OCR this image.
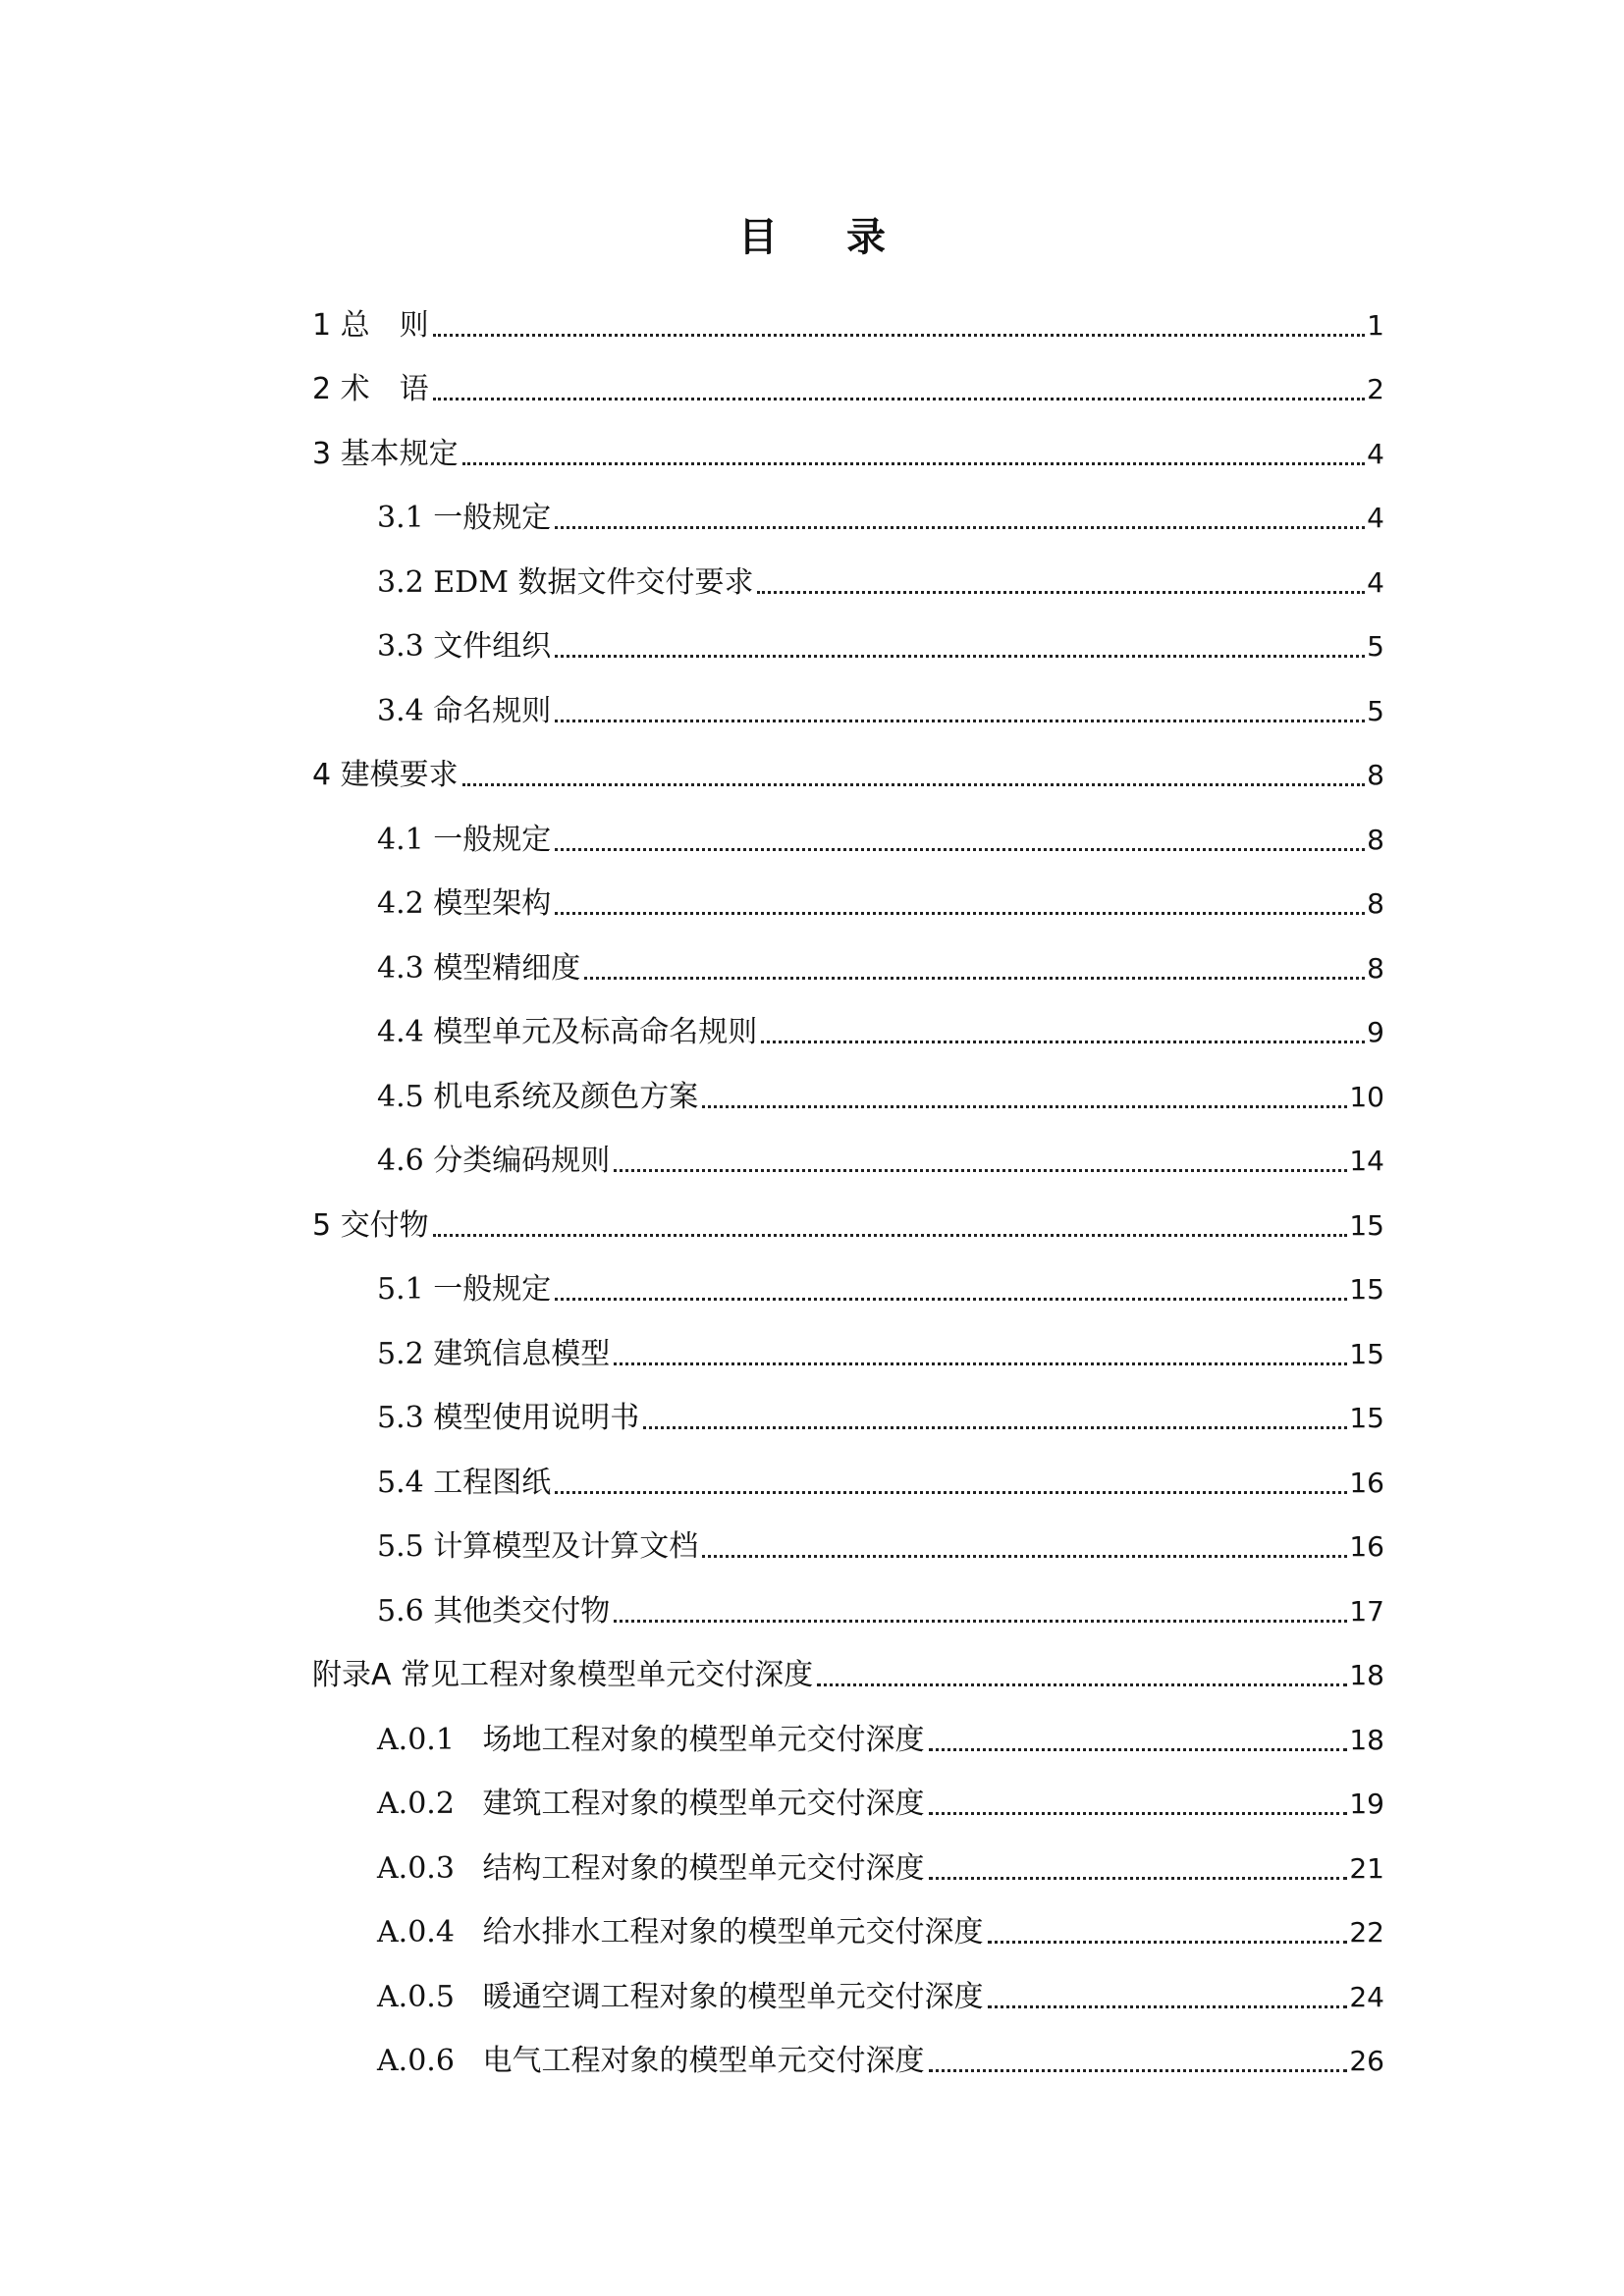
目 录
1 总　则	1
2 术　语	2
3 基本规定	4
3.1 一般规定	4
3.2 EDM 数据文件交付要求	4
3.3 文件组织	5
3.4 命名规则	5
4 建模要求	8
4.1 一般规定	8
4.2 模型架构	8
4.3 模型精细度	8
4.4 模型单元及标高命名规则	9
4.5 机电系统及颜色方案	10
4.6 分类编码规则	14
5 交付物	15
5.1 一般规定	15
5.2 建筑信息模型	15
5.3 模型使用说明书	15
5.4 工程图纸	16
5.5 计算模型及计算文档	16
5.6 其他类交付物	17
附录A 常见工程对象模型单元交付深度	18
A.0.1 场地工程对象的模型单元交付深度	18
A.0.2 建筑工程对象的模型单元交付深度	19
A.0.3 结构工程对象的模型单元交付深度	21
A.0.4 给水排水工程对象的模型单元交付深度	22
A.0.5 暖通空调工程对象的模型单元交付深度	24
A.0.6 电气工程对象的模型单元交付深度	26
